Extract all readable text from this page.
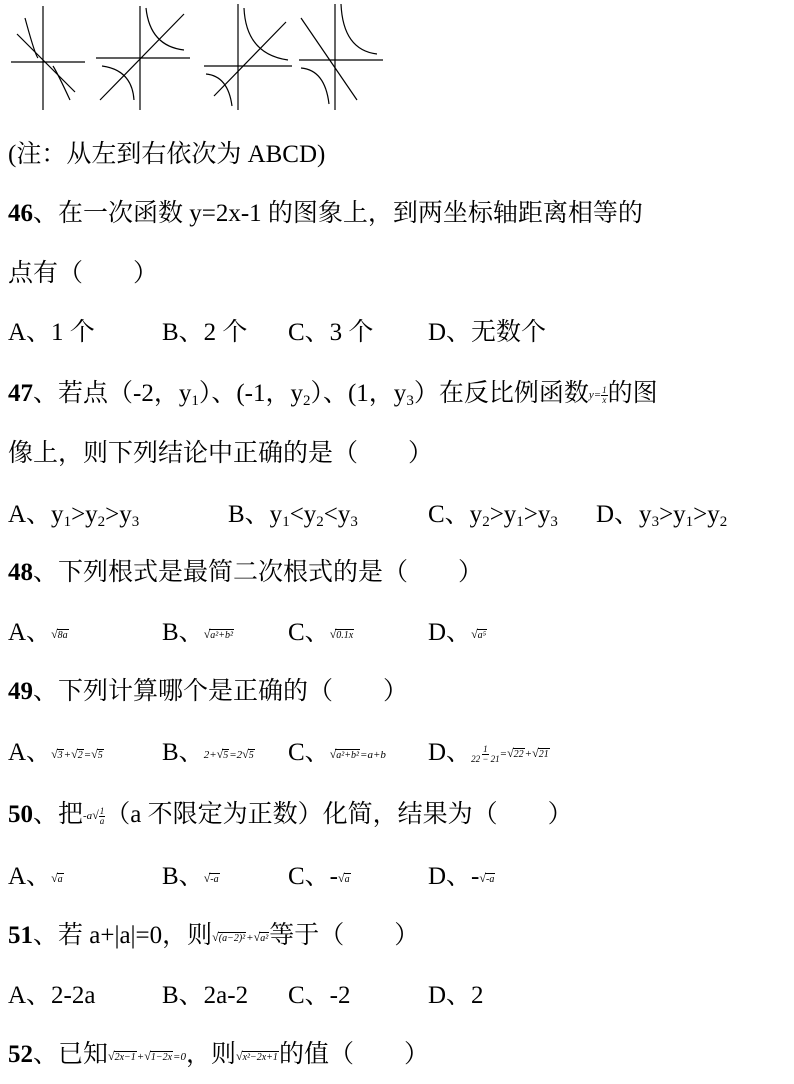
(注：从左到右依次为 ABCD)
46、在一次函数 y=2x-1 的图象上，到两坐标轴距离相等的
点有（　　）
A、1 个	B、2 个 C、3 个 D、无数个
47、若点（-2，$y_1$）、(-1，$y_2$）、(1，$y_3$）在反比例函数$y= \frac{1}{x}$ 的图
像上，则下列结论中正确的是（　　）
A、$y_1>y_2>y_3$	B、$y_1<y_2<y_3$	C、$y_2>y_1>y_3$ D、$y_3>y_1>y_2$
48、下列根式是最简二次根式的是（　　）
A、√8a	B、√a²+b² C、√0.1x	D、√a⁵
49、下列计算哪个是正确的（　　）
A、√3+√2=√5 B、2+√5=2√5 C、√a²+b²=a+b D、 $\frac{1}{22 - 21} =√22+√21$
50、把$-a√ \frac{1}{a} (a$ 不限定为正数）化简，结果为（　　）
A、√a	B、√-a	C、-√a	D、-√-a
51、若 a+|a|=0，则√(a−2)²+√a²等于（　　）
A、2-2a	B、2a-2 C、-2	D、2
52、已知√2x−1+√1−2x=0，则√x²−2x+1的值（　　）
